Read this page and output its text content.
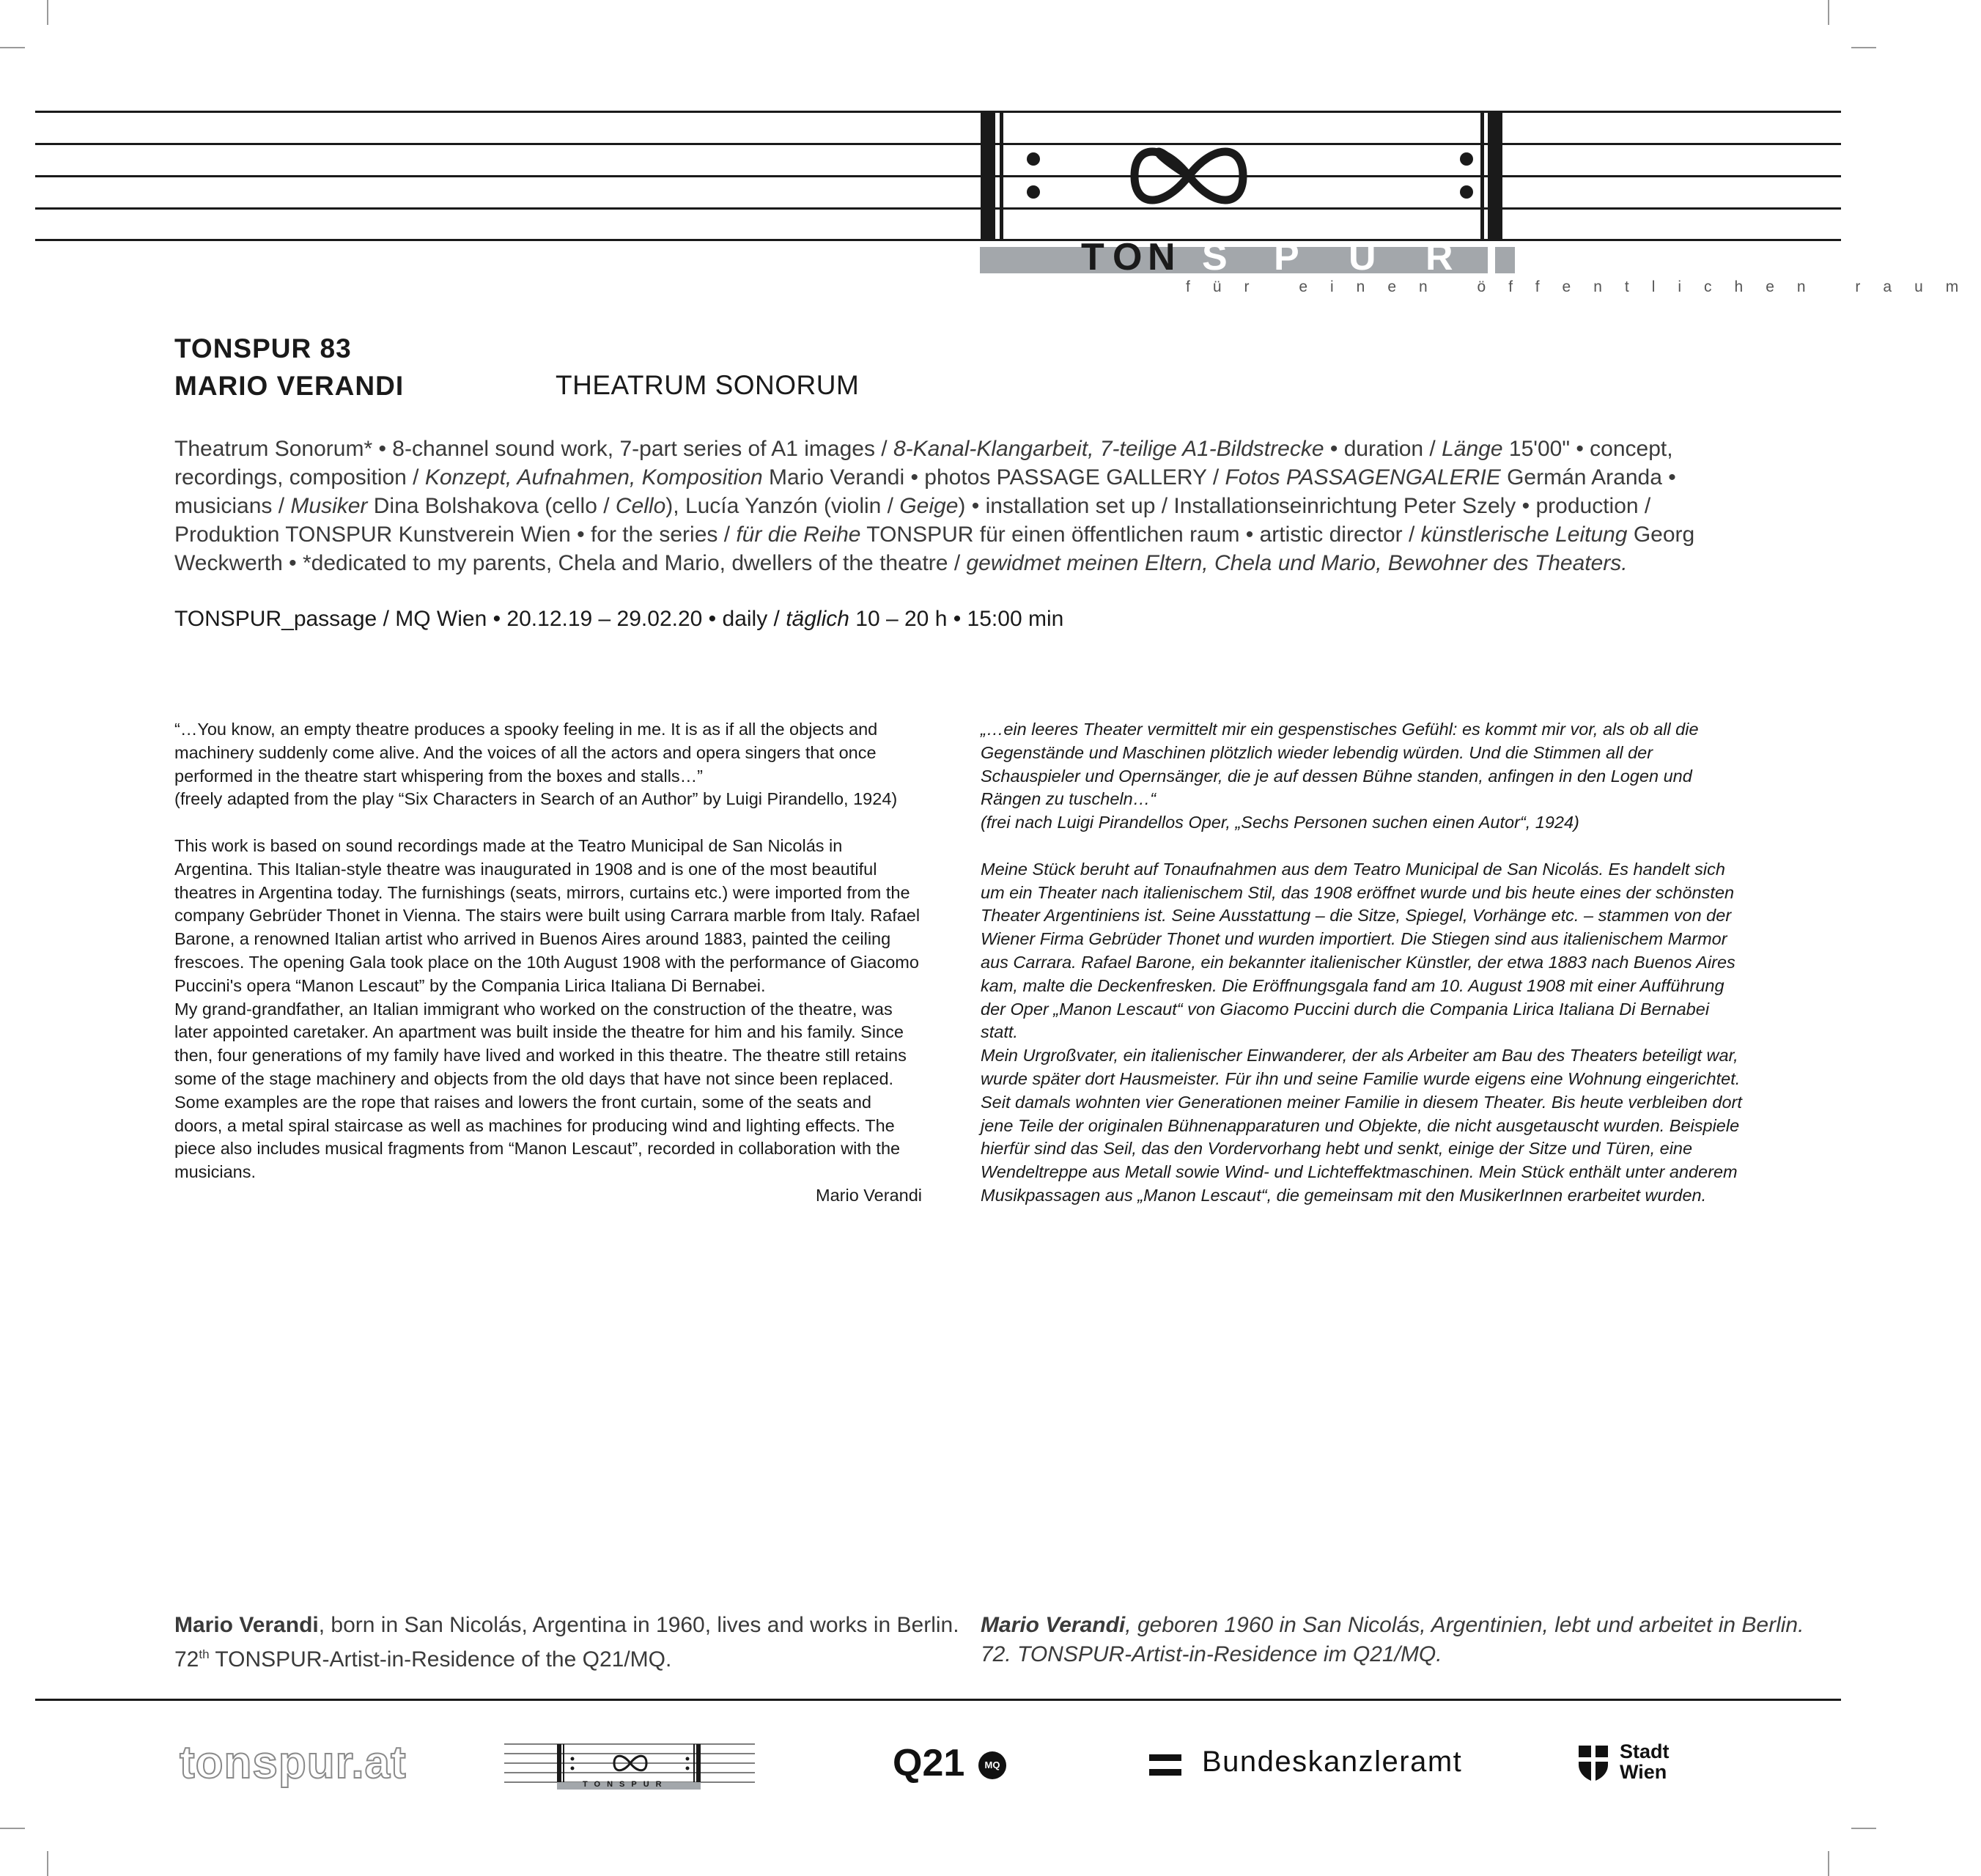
T O N S P U R
für einen öffentlichen raum
TONSPUR 83
MARIO VERANDI	THEATRUM SONORUM
Theatrum Sonorum* • 8-channel sound work, 7-part series of A1 images / 8-Kanal-Klangarbeit, 7-teilige A1-Bildstrecke • duration / Länge 15'00" • concept, recordings, composition / Konzept, Aufnahmen, Komposition Mario Verandi • photos PASSAGE GALLERY / Fotos PASSAGENGALERIE Germán Aranda • musicians / Musiker Dina Bolshakova (cello / Cello), Lucía Yanzón (violin / Geige) • installation set up / Installationseinrichtung Peter Szely • production / Produktion TONSPUR Kunstverein Wien • for the series / für die Reihe TONSPUR für einen öffentlichen raum • artistic director / künstlerische Leitung Georg Weckwerth • *dedicated to my parents, Chela and Mario, dwellers of the theatre / gewidmet meinen Eltern, Chela und Mario, Bewohner des Theaters.
TONSPUR_passage / MQ Wien • 20.12.19 – 29.02.20 • daily / täglich 10 – 20 h • 15:00 min

“…You know, an empty theatre produces a spooky feeling in me. It is as if all the objects and machinery suddenly come alive. And the voices of all the actors and opera singers that once performed in the theatre start whispering from the boxes and stalls…”

(freely adapted from the play “Six Characters in Search of an Author” by Luigi Pirandello, 1924)

This work is based on sound recordings made at the Teatro Municipal de San Nicolás in Argentina. This Italian-style theatre was inaugurated in 1908 and is one of the most beautiful theatres in Argentina today. The furnishings (seats, mirrors, curtains etc.) were imported from the company Gebrüder Thonet in Vienna. The stairs were built using Carrara marble from Italy. Rafael Barone, a renowned Italian artist who arrived in Buenos Aires around 1883, painted the ceiling frescoes. The opening Gala took place on the 10th August 1908 with the performance of Giacomo Puccini's opera “Manon Lescaut” by the Compania Lirica Italiana Di Bernabei.

My grand-grandfather, an Italian immigrant who worked on the construction of the theatre, was later appointed caretaker. An apartment was built inside the theatre for him and his family. Since then, four generations of my family have lived and worked in this theatre. The theatre still retains some of the stage machinery and objects from the old days that have not since been replaced. Some examples are the rope that raises and lowers the front curtain, some of the seats and doors, a metal spiral staircase as well as machines for producing wind and lighting effects. The piece also includes musical fragments from “Manon Lescaut”, recorded in collaboration with the musicians.

Mario Verandi

„…ein leeres Theater vermittelt mir ein gespenstisches Gefühl: es kommt mir vor, als ob all die Gegenstände und Maschinen plötzlich wieder lebendig würden. Und die Stimmen all der Schauspieler und Opernsänger, die je auf dessen Bühne standen, anfingen in den Logen und Rängen zu tuscheln…“

(frei nach Luigi Pirandellos Oper, „Sechs Personen suchen einen Autor“, 1924)

Meine Stück beruht auf Tonaufnahmen aus dem Teatro Municipal de San Nicolás. Es handelt sich um ein Theater nach italienischem Stil, das 1908 eröffnet wurde und bis heute eines der schönsten Theater Argentiniens ist. Seine Ausstattung – die Sitze, Spiegel, Vorhänge etc. – stammen von der Wiener Firma Gebrüder Thonet und wurden importiert. Die Stiegen sind aus italienischem Marmor aus Carrara. Rafael Barone, ein bekannter italienischer Künstler, der etwa 1883 nach Buenos Aires kam, malte die Deckenfresken. Die Eröffnungsgala fand am 10. August 1908 mit einer Aufführung der Oper „Manon Lescaut“ von Giacomo Puccini durch die Compania Lirica Italiana Di Bernabei statt.

Mein Urgroßvater, ein italienischer Einwanderer, der als Arbeiter am Bau des Theaters beteiligt war, wurde später dort Hausmeister. Für ihn und seine Familie wurde eigens eine Wohnung eingerichtet. Seit damals wohnten vier Generationen meiner Familie in diesem Theater. Bis heute verbleiben dort jene Teile der originalen Bühnenapparaturen und Objekte, die nicht ausgetauscht wurden. Beispiele hierfür sind das Seil, das den Vordervorhang hebt und senkt, einige der Sitze und Türen, eine Wendeltreppe aus Metall sowie Wind- und Lichteffektmaschinen. Mein Stück enthält unter anderem Musikpassagen aus „Manon Lescaut“, die gemeinsam mit den MusikerInnen erarbeitet wurden.

Mario Verandi, born in San Nicolás, Argentina in 1960, lives and works in Berlin.
72th TONSPUR-Artist-in-Residence of the Q21/MQ.
Mario Verandi, geboren 1960 in San Nicolás, Argentinien, lebt und arbeitet in Berlin.
72. TONSPUR-Artist-in-Residence im Q21/MQ.
tonspur.at	TONSPUR	Q21	MQ	Bundeskanzleramt	Stadt
Wien
